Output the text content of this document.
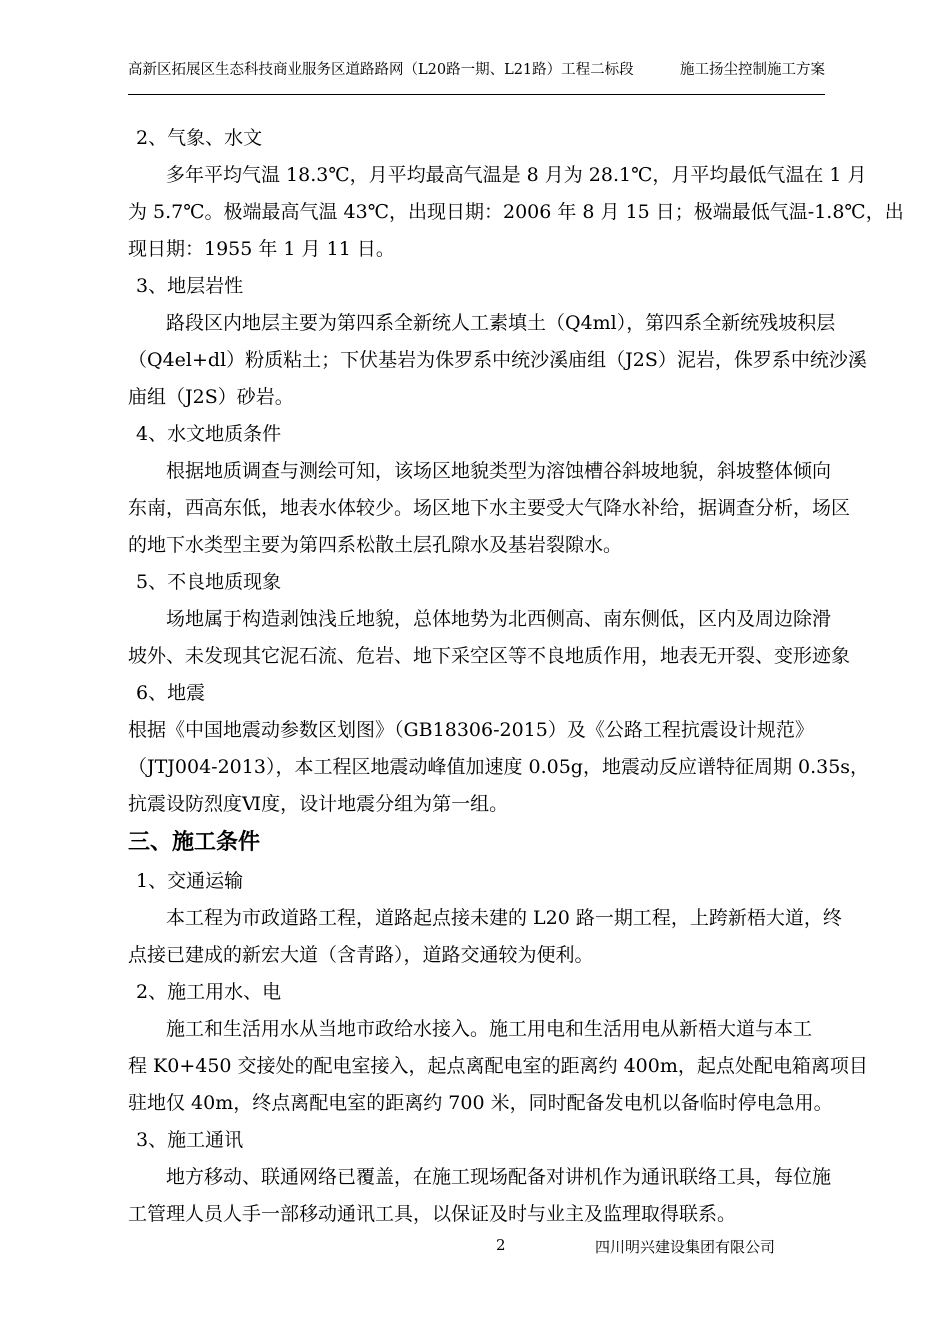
高新区拓展区生态科技商业服务区道路路网（L20路一期、L21路）工程二标段	施工扬尘控制施工方案
2、气象、水文
多年平均气温 18.3℃，月平均最高气温是 8 月为 28.1℃，月平均最低气温在 1 月
为 5.7℃。极端最高气温 43℃，出现日期：2006 年 8 月 15 日；极端最低气温-1.8℃，出
现日期：1955 年 1 月 11 日。
3、地层岩性
路段区内地层主要为第四系全新统人工素填土（Q4ml），第四系全新统残坡积层
（Q4el+dl）粉质粘土；下伏基岩为侏罗系中统沙溪庙组（J2S）泥岩，侏罗系中统沙溪
庙组（J2S）砂岩。
4、水文地质条件
根据地质调查与测绘可知，该场区地貌类型为溶蚀槽谷斜坡地貌，斜坡整体倾向
东南，西高东低，地表水体较少。场区地下水主要受大气降水补给，据调查分析，场区
的地下水类型主要为第四系松散土层孔隙水及基岩裂隙水。
5、不良地质现象
场地属于构造剥蚀浅丘地貌，总体地势为北西侧高、南东侧低，区内及周边除滑
坡外、未发现其它泥石流、危岩、地下采空区等不良地质作用，地表无开裂、变形迹象
6、地震
根据《中国地震动参数区划图》（GB18306-2015）及《公路工程抗震设计规范》
（JTJ004-2013），本工程区地震动峰值加速度 0.05g，地震动反应谱特征周期 0.35s，
抗震设防烈度Ⅵ度，设计地震分组为第一组。
三、施工条件
1、交通运输
本工程为市政道路工程，道路起点接未建的 L20 路一期工程，上跨新梧大道，终
点接已建成的新宏大道（含青路），道路交通较为便利。
2、施工用水、电
施工和生活用水从当地市政给水接入。施工用电和生活用电从新梧大道与本工
程 K0+450 交接处的配电室接入，起点离配电室的距离约 400m，起点处配电箱离项目
驻地仅 40m，终点离配电室的距离约 700 米，同时配备发电机以备临时停电急用。
3、施工通讯
地方移动、联通网络已覆盖，在施工现场配备对讲机作为通讯联络工具，每位施
工管理人员人手一部移动通讯工具，以保证及时与业主及监理取得联系。
2	四川明兴建设集团有限公司
